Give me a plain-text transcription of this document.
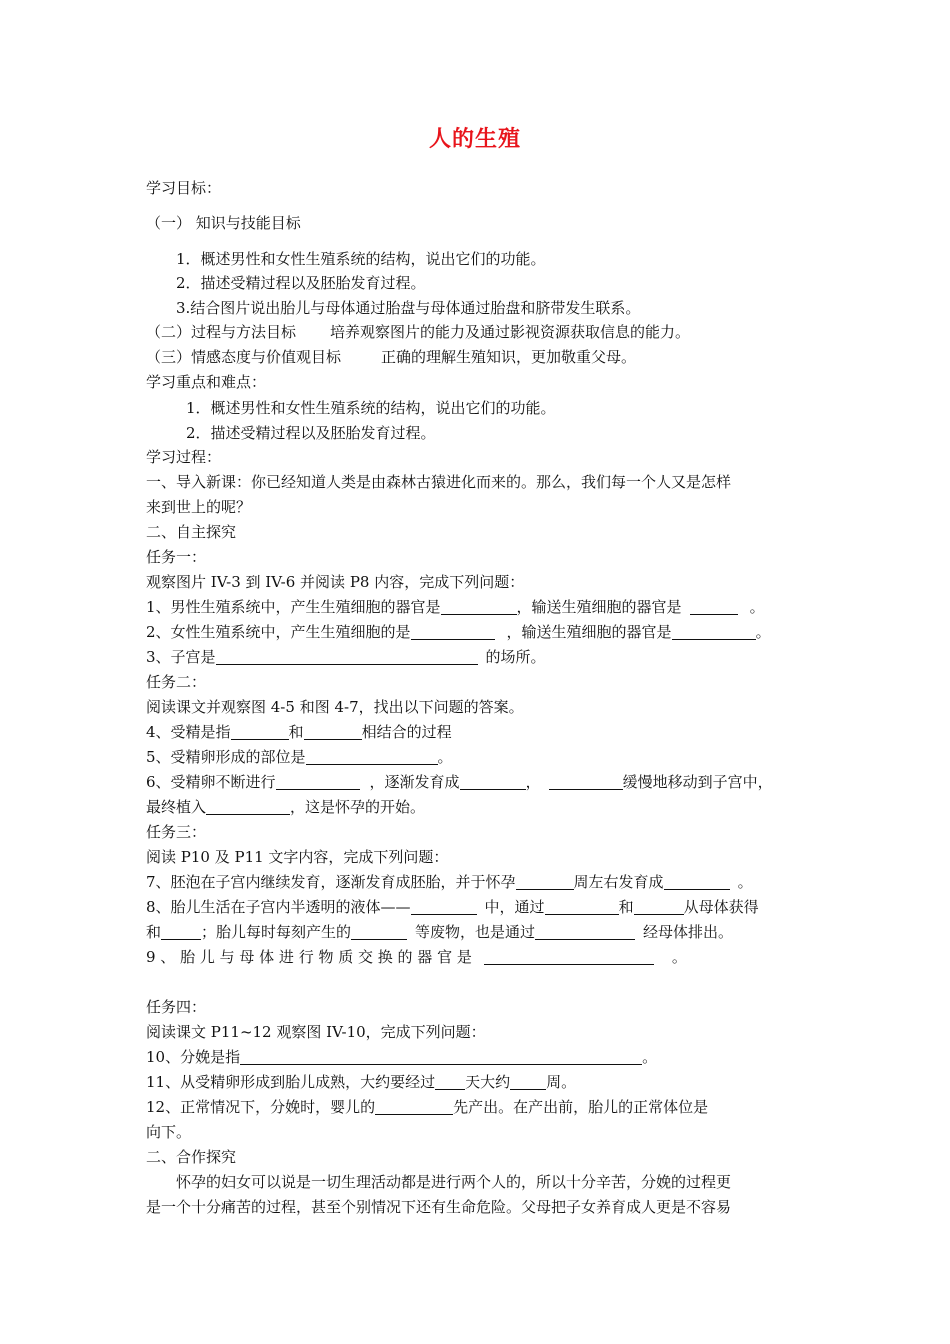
人的生殖
学习目标：
（一） 知识与技能目标
1．概述男性和女性生殖系统的结构，说出它们的功能。
2．描述受精过程以及胚胎发育过程。
3.结合图片说出胎儿与母体通过胎盘与母体通过胎盘和脐带发生联系。
（二）过程与方法目标 培养观察图片的能力及通过影视资源获取信息的能力。
（三）情感态度与价值观目标	正确的理解生殖知识，更加敬重父母。
学习重点和难点：
1．概述男性和女性生殖系统的结构，说出它们的功能。
2．描述受精过程以及胚胎发育过程。
学习过程：
一、导入新课：你已经知道人类是由森林古猿进化而来的。那么，我们每一个人又是怎样
来到世上的呢？
二、自主探究
任务一：
观察图片 IV-3 到 IV-6 并阅读 P8 内容，完成下列问题：
1、男性生殖系统中，产生生殖细胞的器官是	，输送生殖细胞的器官是	。
2、女性生殖系统中，产生生殖细胞的是	，输送生殖细胞的器官是	。
3、子宫是	的场所。
任务二：
阅读课文并观察图 4-5 和图 4-7，找出以下问题的答案。
4、受精是指	和	相结合的过程
5、受精卵形成的部位是	。
6、受精卵不断进行	，逐渐发育成	，	缓慢地移动到子宫中，
最终植入	，这是怀孕的开始。
任务三：
阅读 P10 及 P11 文字内容，完成下列问题：
7、胚泡在子宫内继续发育，逐渐发育成胚胎，并于怀孕	周左右发育成	。
8、胎儿生活在子宫内半透明的液体——	中，通过	和	从母体获得
和	；胎儿每时每刻产生的	等废物，也是通过	经母体排出。
9 、 胎 儿 与 母 体 进 行 物 质 交 换 的 器 官 是	。
任务四：
阅读课文 P11~12 观察图 IV-10，完成下列问题：
10、分娩是指	。
11、从受精卵形成到胎儿成熟，大约要经过 天大约 周。
12、正常情况下，分娩时，婴儿的	先产出。在产出前，胎儿的正常体位是
向下。
二、合作探究
怀孕的妇女可以说是一切生理活动都是进行两个人的，所以十分辛苦，分娩的过程更
是一个十分痛苦的过程，甚至个别情况下还有生命危险。父母把子女养育成人更是不容易
